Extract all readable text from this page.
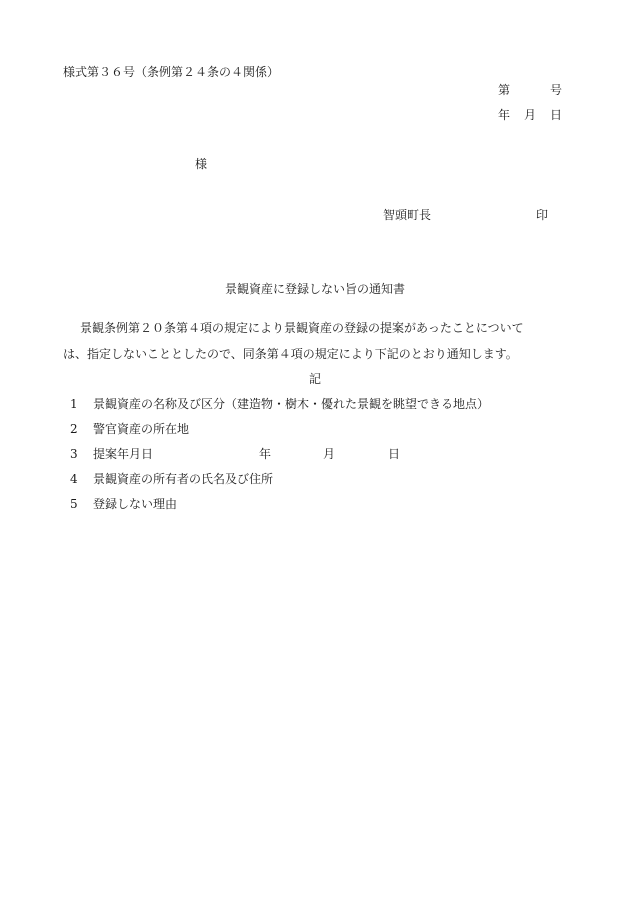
様式第３６号（条例第２４条の４関係）
第	号
年 月 日
様
智頭町長	印
景観資産に登録しない旨の通知書
景観条例第２０条第４項の規定により景観資産の登録の提案があったことについて
は、指定しないこととしたので、同条第４項の規定により下記のとおり通知します。
記
1 景観資産の名称及び区分（建造物・樹木・優れた景観を眺望できる地点）
2 警官資産の所在地
3 提案年月日	年	月	日
4 景観資産の所有者の氏名及び住所
5 登録しない理由
